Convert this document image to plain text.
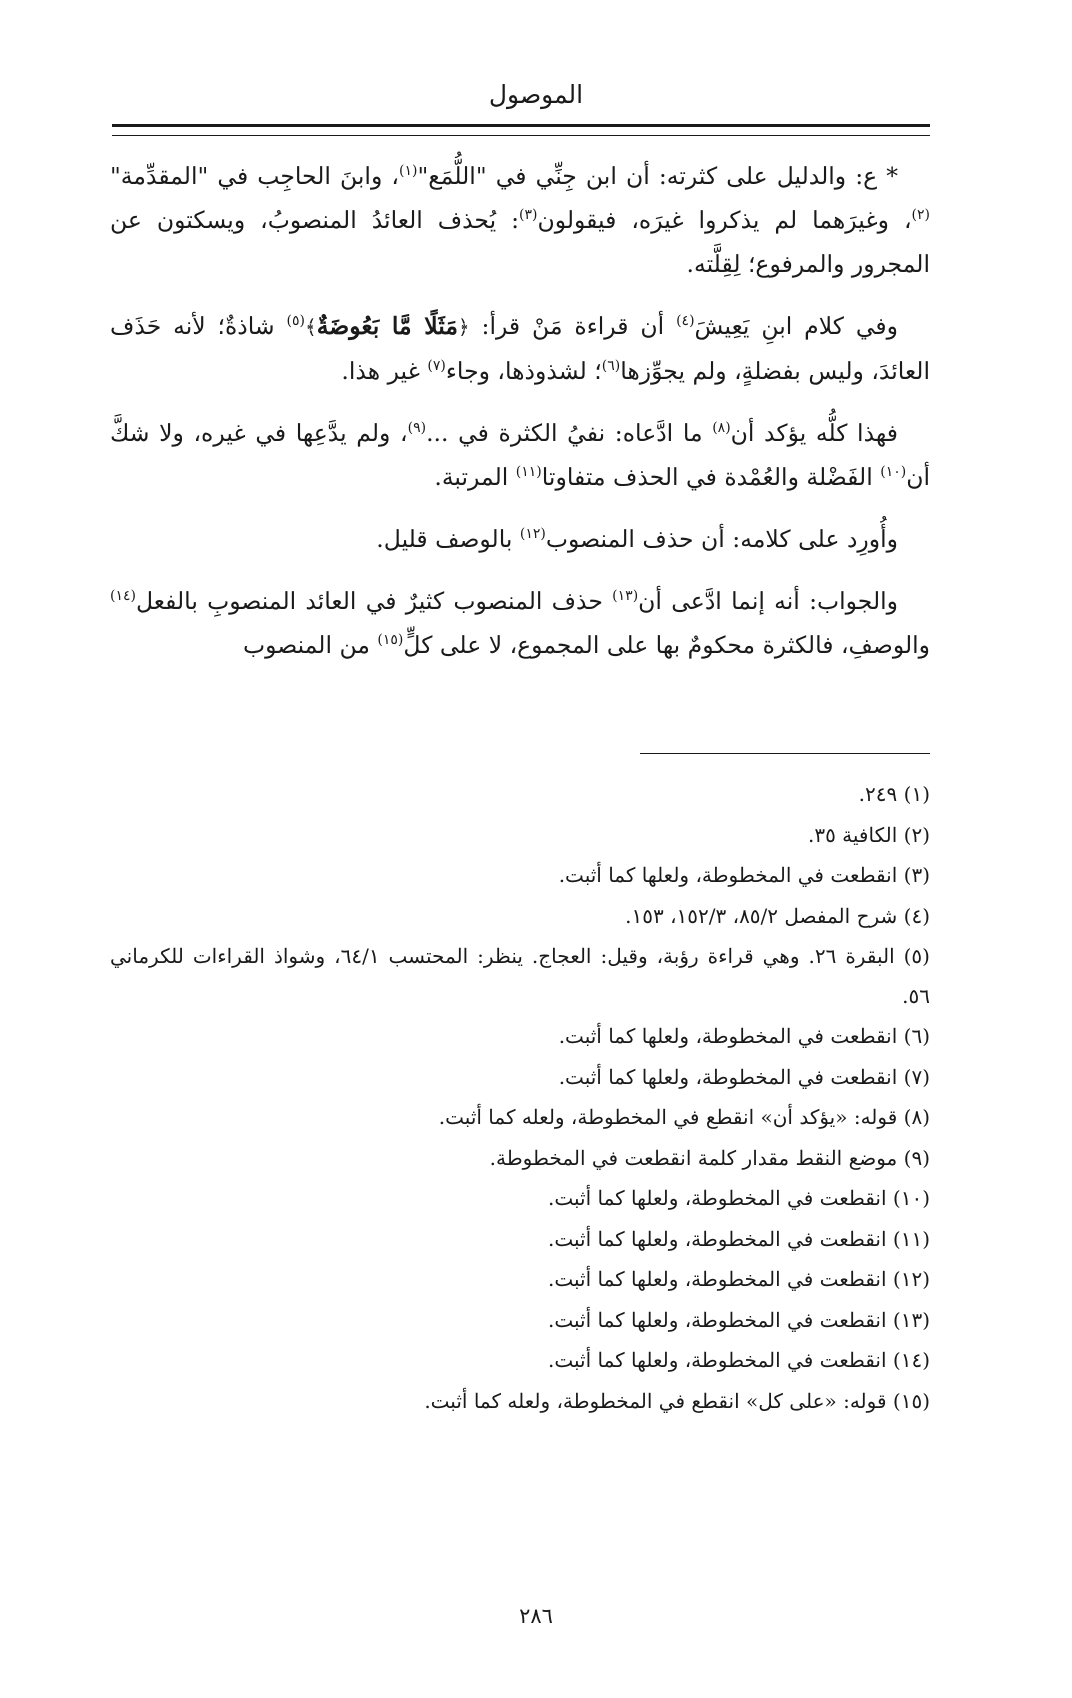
الموصول

* ع: والدليل على كثرته: أن ابن جِنِّي في "اللُّمَع"$^{(١)}$، وابنَ الحاجِب في "المقدِّمة"$^{(٢)}$، وغيرَهما لم يذكروا غيرَه، فيقولون$^{(٣)}$: يُحذف العائدُ المنصوبُ، ويسكتون عن المجرور والمرفوع؛ لِقِلَّته.

وفي كلام ابنِ يَعِيشَ$^{(٤)}$ أن قراءة مَنْ قرأ: ﴿مَثَلًا مَّا بَعُوضَةٌ﴾$^{(٥)}$ شاذةٌ؛ لأنه حَذَف العائدَ، وليس بفضلةٍ، ولم يجوِّزها$^{(٦)}$؛ لشذوذها، وجاء$^{(٧)}$ غير هذا.

فهذا كلُّه يؤكد أن$^{(٨)}$ ما ادَّعاه: نفيُ الكثرة في ...$^{(٩)}$، ولم يدَّعِها في غيره، ولا شكَّ أن$^{(١٠)}$ الفَضْلة والعُمْدة في الحذف متفاوتا$^{(١١)}$ المرتبة.

وأُورِد على كلامه: أن حذف المنصوب$^{(١٢)}$ بالوصف قليل.

والجواب: أنه إنما ادَّعى أن$^{(١٣)}$ حذف المنصوب كثيرٌ في العائد المنصوبِ بالفعل$^{(١٤)}$ والوصفِ، فالكثرة محكومٌ بها على المجموع، لا على كلٍّ$^{(١٥)}$ من المنصوب

(١) ٢٤٩.
(٢) الكافية ٣٥.
(٣) انقطعت في المخطوطة، ولعلها كما أثبت.
(٤) شرح المفصل ٨٥/٢، ١٥٢/٣، ١٥٣.
(٥) البقرة ٢٦. وهي قراءة رؤبة، وقيل: العجاج. ينظر: المحتسب ٦٤/١، وشواذ القراءات للكرماني ٥٦.
(٦) انقطعت في المخطوطة، ولعلها كما أثبت.
(٧) انقطعت في المخطوطة، ولعلها كما أثبت.
(٨) قوله: «يؤكد أن» انقطع في المخطوطة، ولعله كما أثبت.
(٩) موضع النقط مقدار كلمة انقطعت في المخطوطة.
(١٠) انقطعت في المخطوطة، ولعلها كما أثبت.
(١١) انقطعت في المخطوطة، ولعلها كما أثبت.
(١٢) انقطعت في المخطوطة، ولعلها كما أثبت.
(١٣) انقطعت في المخطوطة، ولعلها كما أثبت.
(١٤) انقطعت في المخطوطة، ولعلها كما أثبت.
(١٥) قوله: «على كل» انقطع في المخطوطة، ولعله كما أثبت.
٢٨٦
